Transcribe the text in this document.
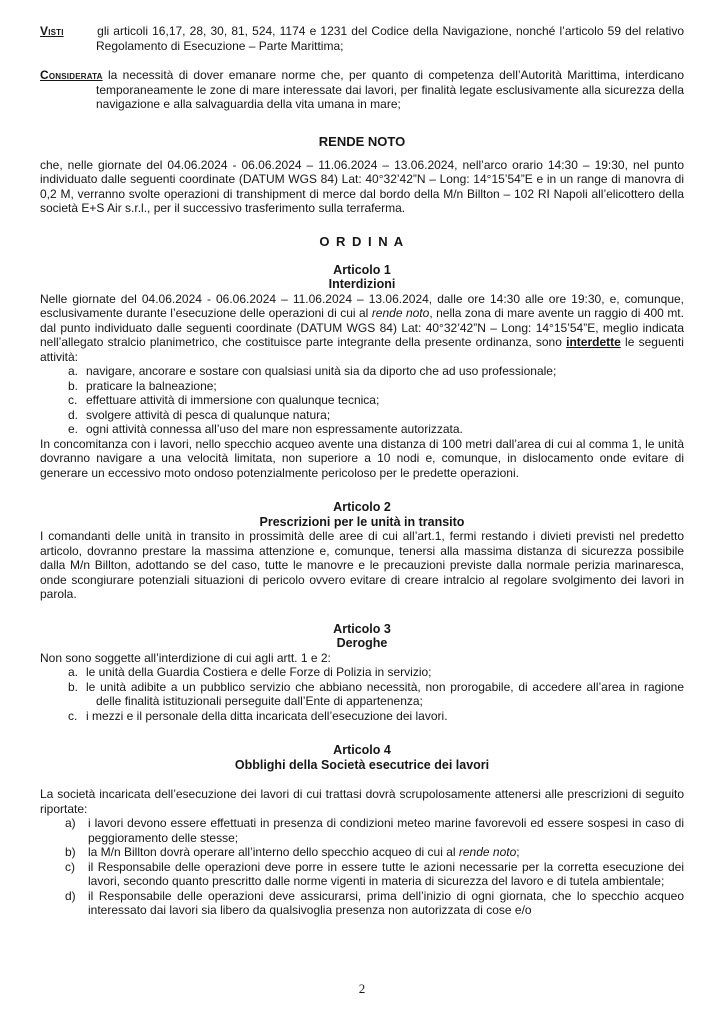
Visti	gli articoli 16,17, 28, 30, 81, 524, 1174 e 1231 del Codice della Navigazione, nonché l’articolo 59 del relativo Regolamento di Esecuzione – Parte Marittima;

Considerata la necessità di dover emanare norme che, per quanto di competenza dell’Autorità Marittima, interdicano temporaneamente le zone di mare interessate dai lavori, per finalità legate esclusivamente alla sicurezza della navigazione e alla salvaguardia della vita umana in mare;

RENDE NOTO

che, nelle giornate del 04.06.2024 - 06.06.2024 – 11.06.2024 – 13.06.2024, nell’arco orario 14:30 – 19:30, nel punto individuato dalle seguenti coordinate (DATUM WGS 84) Lat: 40°32’42”N – Long: 14°15’54”E e in un range di manovra di 0,2 M, verranno svolte operazioni di transhipment di merce dal bordo della M/n Billton – 102 RI Napoli all’elicottero della società E+S Air s.r.l., per il successivo trasferimento sulla terraferma.

O R D I N A
Articolo 1
Interdizioni

Nelle giornate del 04.06.2024 - 06.06.2024 – 11.06.2024 – 13.06.2024, dalle ore 14:30 alle ore 19:30, e, comunque, esclusivamente durante l’esecuzione delle operazioni di cui al rende noto, nella zona di mare avente un raggio di 400 mt. dal punto individuato dalle seguenti coordinate (DATUM WGS 84) Lat: 40°32’42”N – Long: 14°15’54”E, meglio indicata nell’allegato stralcio planimetrico, che costituisce parte integrante della presente ordinanza, sono interdette le seguenti attività:

a. navigare, ancorare e sostare con qualsiasi unità sia da diporto che ad uso professionale;

b. praticare la balneazione;

c. effettuare attività di immersione con qualunque tecnica;

d. svolgere attività di pesca di qualunque natura;

e. ogni attività connessa all’uso del mare non espressamente autorizzata.

In concomitanza con i lavori, nello specchio acqueo avente una distanza di 100 metri dall’area di cui al comma 1, le unità dovranno navigare a una velocità limitata, non superiore a 10 nodi e, comunque, in dislocamento onde evitare di generare un eccessivo moto ondoso potenzialmente pericoloso per le predette operazioni.

Articolo 2
Prescrizioni per le unità in transito

I comandanti delle unità in transito in prossimità delle aree di cui all’art.1, fermi restando i divieti previsti nel predetto articolo, dovranno prestare la massima attenzione e, comunque, tenersi alla massima distanza di sicurezza possibile dalla M/n Billton, adottando se del caso, tutte le manovre e le precauzioni previste dalla normale perizia marinaresca, onde scongiurare potenziali situazioni di pericolo ovvero evitare di creare intralcio al regolare svolgimento dei lavori in parola.

Articolo 3
Deroghe

Non sono soggette all’interdizione di cui agli artt. 1 e 2:

a. le unità della Guardia Costiera e delle Forze di Polizia in servizio;

b. le unità adibite a un pubblico servizio che abbiano necessità, non prorogabile, di accedere all’area in ragione delle finalità istituzionali perseguite dall’Ente di appartenenza;

c. i mezzi e il personale della ditta incaricata dell’esecuzione dei lavori.

Articolo 4
Obblighi della Società esecutrice dei lavori

La società incaricata dell’esecuzione dei lavori di cui trattasi dovrà scrupolosamente attenersi alle prescrizioni di seguito riportate:

a) i lavori devono essere effettuati in presenza di condizioni meteo marine favorevoli ed essere sospesi in caso di peggioramento delle stesse;

b) la M/n Billton dovrà operare all’interno dello specchio acqueo di cui al rende noto;

c) il Responsabile delle operazioni deve porre in essere tutte le azioni necessarie per la corretta esecuzione dei lavori, secondo quanto prescritto dalle norme vigenti in materia di sicurezza del lavoro e di tutela ambientale;

d) il Responsabile delle operazioni deve assicurarsi, prima dell’inizio di ogni giornata, che lo specchio acqueo interessato dai lavori sia libero da qualsivoglia presenza non autorizzata di cose e/o

2
